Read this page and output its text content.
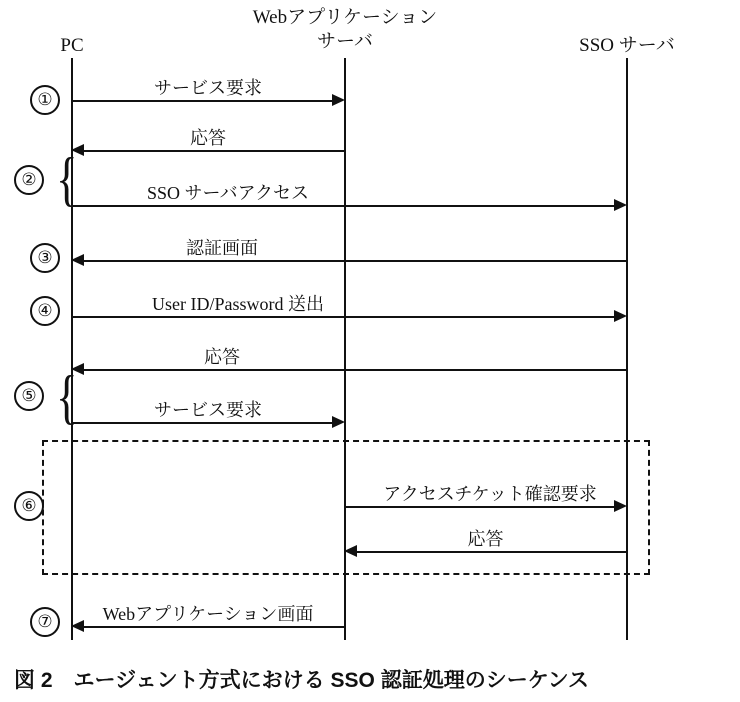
PC
Webアプリケーション
サーバ	SSO サーバ
{
{
①
②
③
④
⑤
⑥
⑦
サービス要求
応答
SSO サーバアクセス
認証画面
User ID/Password 送出
応答
サービス要求
アクセスチケット確認要求
応答
Webアプリケーション画面
図 2　エージェント方式における SSO 認証処理のシーケンス
